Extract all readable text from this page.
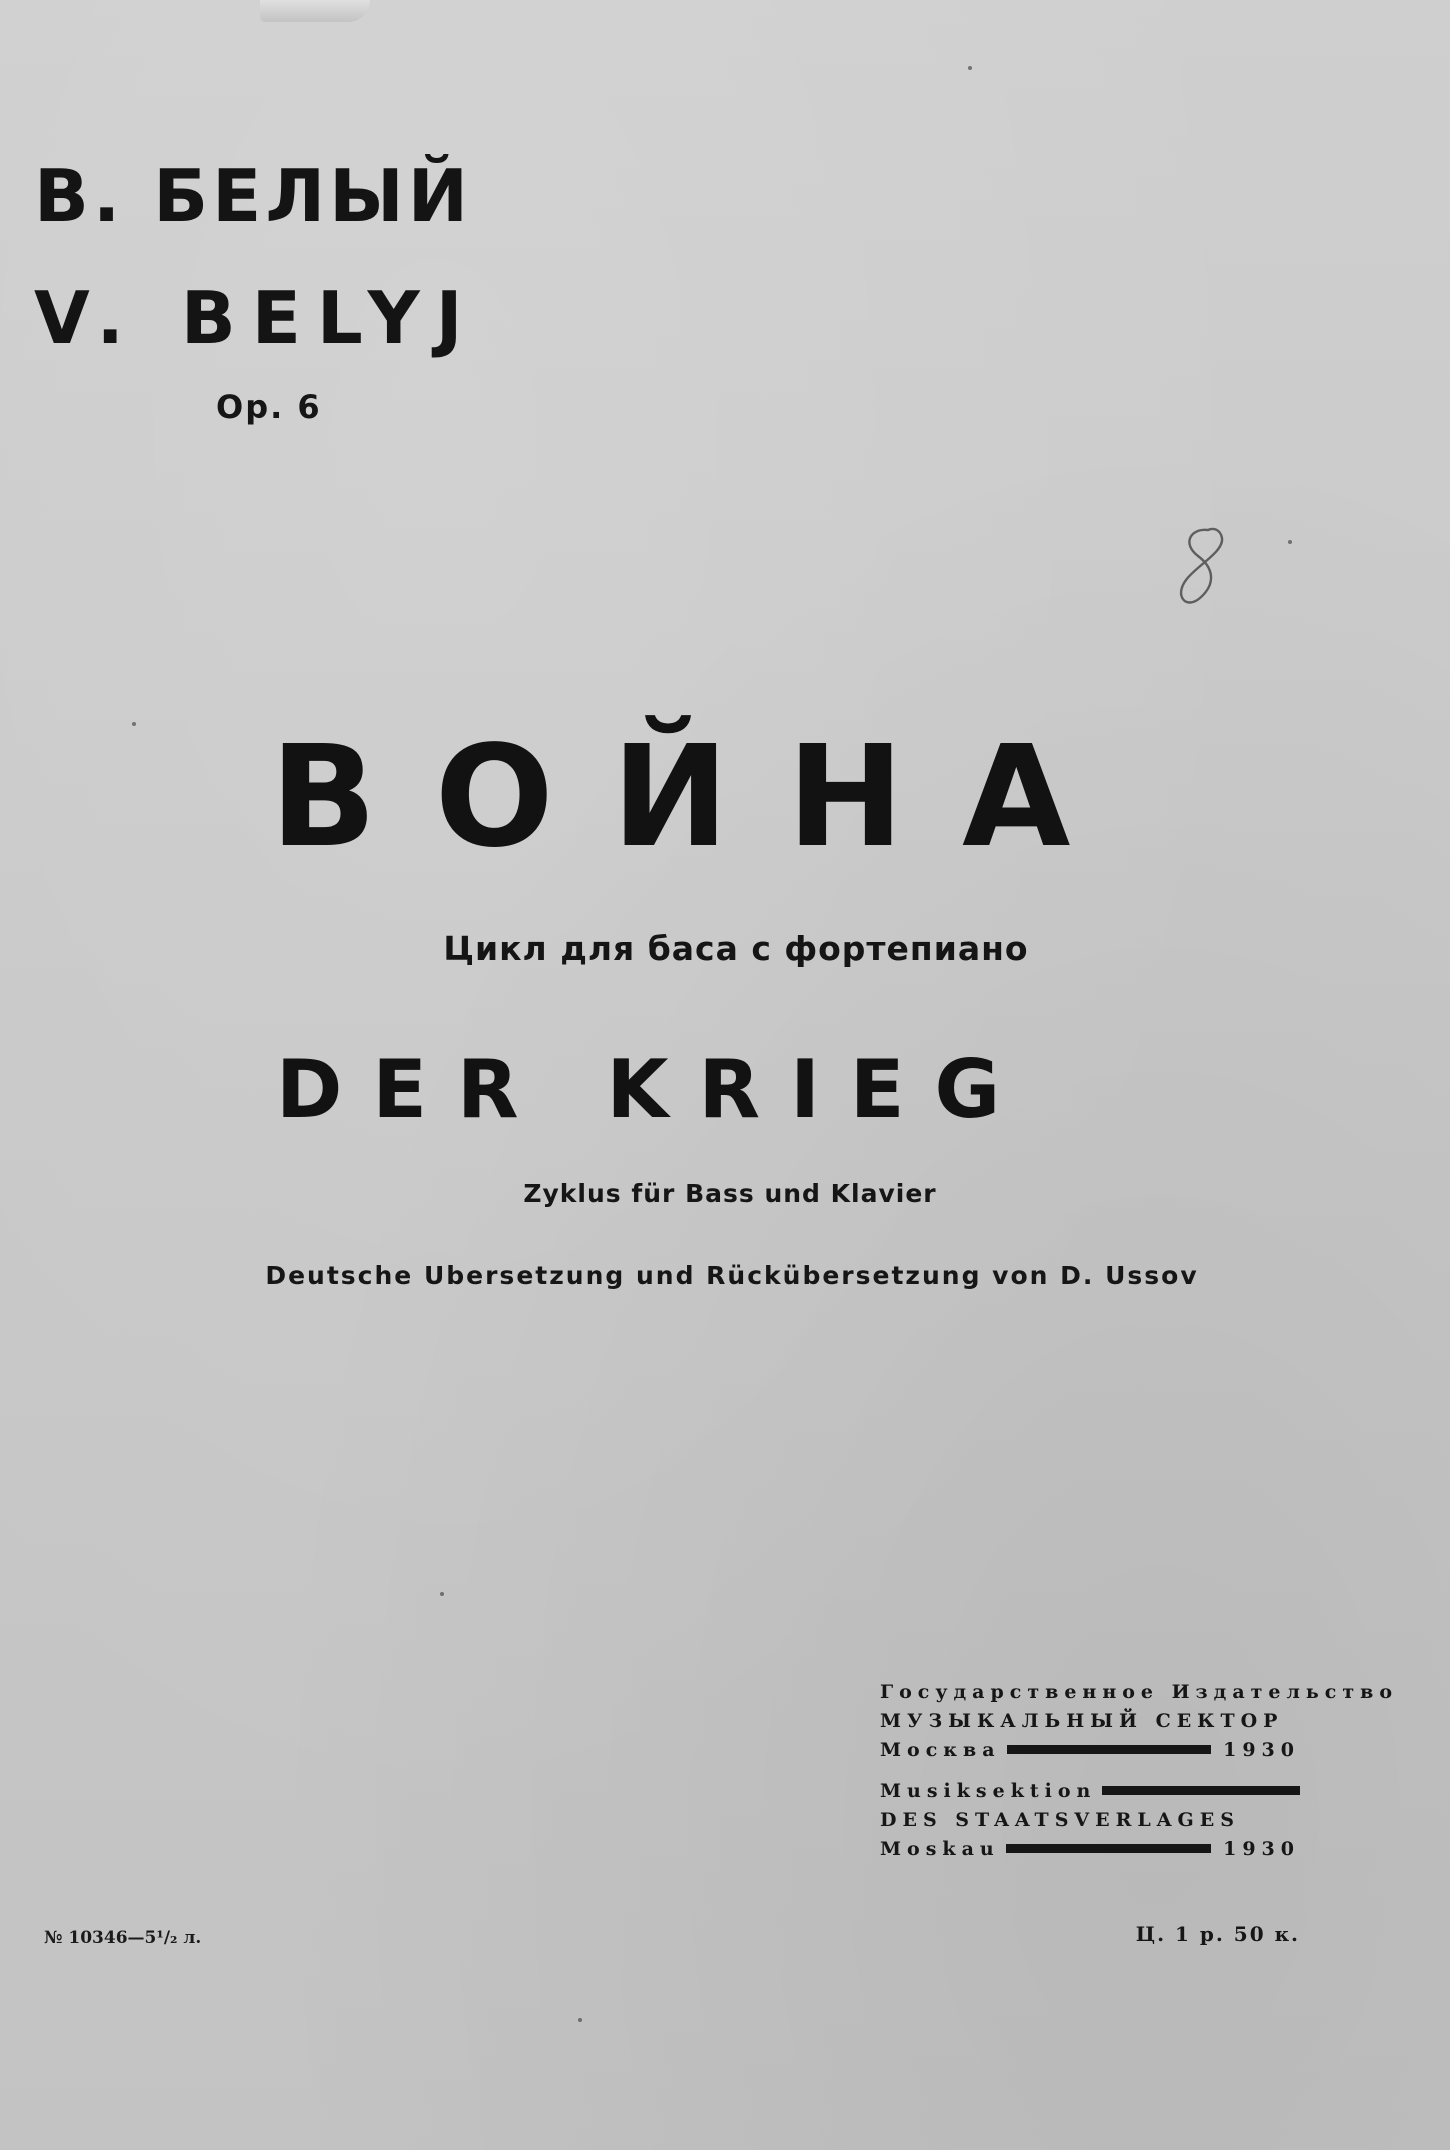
В. БЕЛЫЙ
V. BELYJ
Op. 6
ВОЙНА
Цикл для баса с фортепиано
DER KRIEG
Zyklus für Bass und Klavier
Deutsche Ubersetzung und Rückübersetzung von D. Ussov
Государственное Издательство
МУЗЫКАЛЬНЫЙ СЕКТОР
Москва	1930
Musiksektion
DES STAATSVERLAGES
Moskau	1930
№ 10346—5¹/₂ л.	Ц. 1 р. 50 к.
